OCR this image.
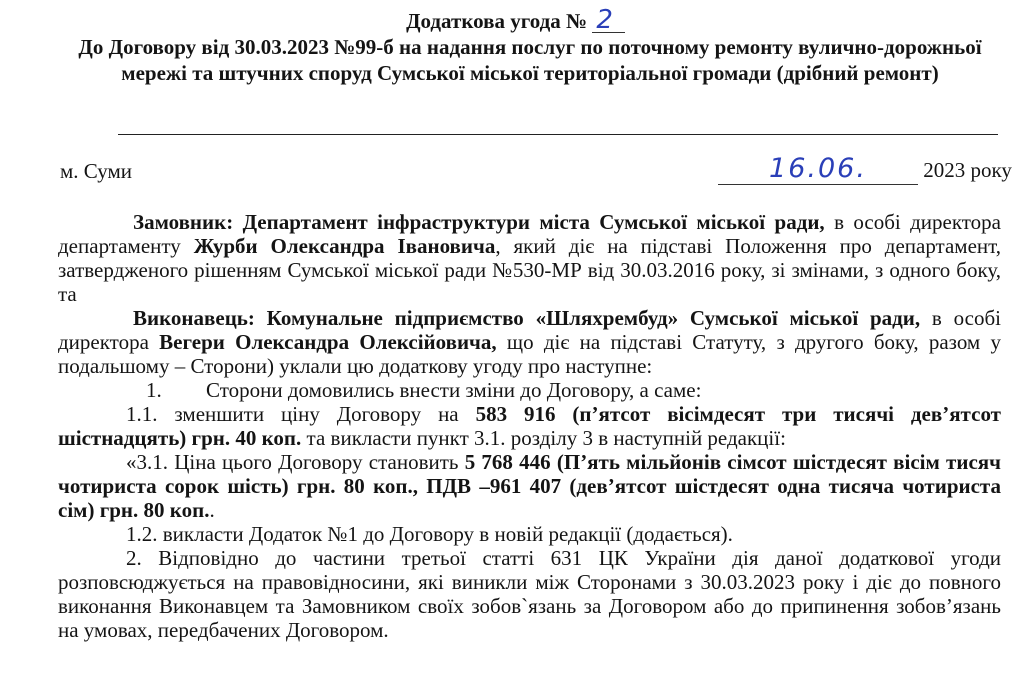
Додаткова угода № 2
До Договору від 30.03.2023 №99-б на надання послуг по поточному ремонту вулично-дорожньої мережі та штучних споруд Сумської міської територіальної громади (дрібний ремонт)
м. Суми	16.06.	2023 року

Замовник: Департамент інфраструктури міста Сумської міської ради, в особі директора департаменту Журби Олександра Івановича, який діє на підставі Положення про департамент, затвердженого рішенням Сумської міської ради №530-МР від 30.03.2016 року, зі змінами, з одного боку, та

Виконавець: Комунальне підприємство «Шляхрембуд» Сумської міської ради, в особі директора Вегери Олександра Олексійовича, що діє на підставі Статуту, з другого боку, разом у подальшому – Сторони) уклали цю додаткову угоду про наступне:

1. Сторони домовились внести зміни до Договору, а саме:

1.1. зменшити ціну Договору на 583 916 (п’ятсот вісімдесят три тисячі дев’ятсот шістнадцять) грн. 40 коп. та викласти пункт 3.1. розділу 3 в наступній редакції:

«3.1. Ціна цього Договору становить 5 768 446 (П’ять мільйонів сімсот шістдесят вісім тисяч чотириста сорок шість) грн. 80 коп., ПДВ –961 407 (дев’ятсот шістдесят одна тисяча чотириста сім) грн. 80 коп..

1.2. викласти Додаток №1 до Договору в новій редакції (додається).

2. Відповідно до частини третьої статті 631 ЦК України дія даної додаткової угоди розповсюджується на правовідносини, які виникли між Сторонами з 30.03.2023 року і діє до повного виконання Виконавцем та Замовником своїх зобов`язань за Договором або до припинення зобов’язань на умовах, передбачених Договором.
